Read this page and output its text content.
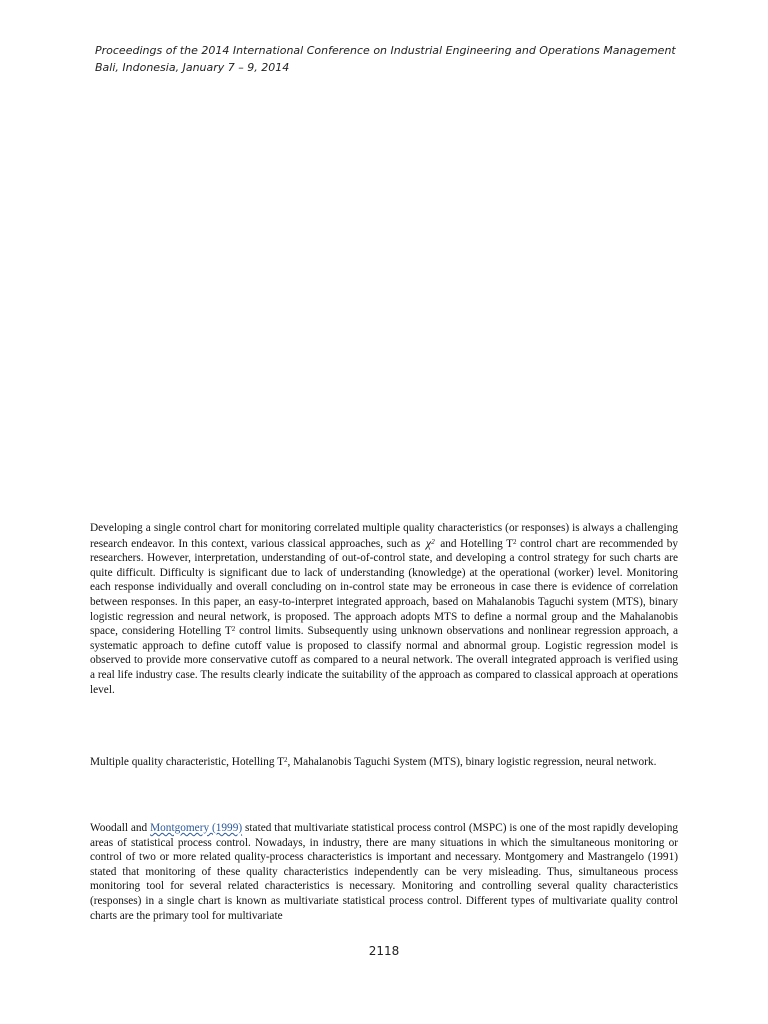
Proceedings of the 2014 International Conference on Industrial Engineering and Operations Management
Bali, Indonesia, January 7 – 9, 2014

Developing a single control chart for monitoring correlated multiple quality characteristics (or responses) is always a challenging research endeavor. In this context, various classical approaches, such as $\chi^2$ and Hotelling $T^2$ control chart are recommended by researchers. However, interpretation, understanding of out-of-control state, and developing a control strategy for such charts are quite difficult. Difficulty is significant due to lack of understanding (knowledge) at the operational (worker) level. Monitoring each response individually and overall concluding on in-control state may be erroneous in case there is evidence of correlation between responses. In this paper, an easy-to-interpret integrated approach, based on Mahalanobis Taguchi system (MTS), binary logistic regression and neural network, is proposed. The approach adopts MTS to define a normal group and the Mahalanobis space, considering Hotelling $T^2$ control limits. Subsequently using unknown observations and nonlinear regression approach, a systematic approach to define cutoff value is proposed to classify normal and abnormal group. Logistic regression model is observed to provide more conservative cutoff as compared to a neural network. The overall integrated approach is verified using a real life industry case. The results clearly indicate the suitability of the approach as compared to classical approach at operations level.

Multiple quality characteristic, Hotelling $T^2$, Mahalanobis Taguchi System (MTS), binary logistic regression, neural network.

Woodall and Montgomery (1999) stated that multivariate statistical process control (MSPC) is one of the most rapidly developing areas of statistical process control. Nowadays, in industry, there are many situations in which the simultaneous monitoring or control of two or more related quality-process characteristics is important and necessary. Montgomery and Mastrangelo (1991) stated that monitoring of these quality characteristics independently can be very misleading. Thus, simultaneous process monitoring tool for several related characteristics is necessary. Monitoring and controlling several quality characteristics (responses) in a single chart is known as multivariate statistical process control. Different types of multivariate quality control charts are the primary tool for multivariate

2118
